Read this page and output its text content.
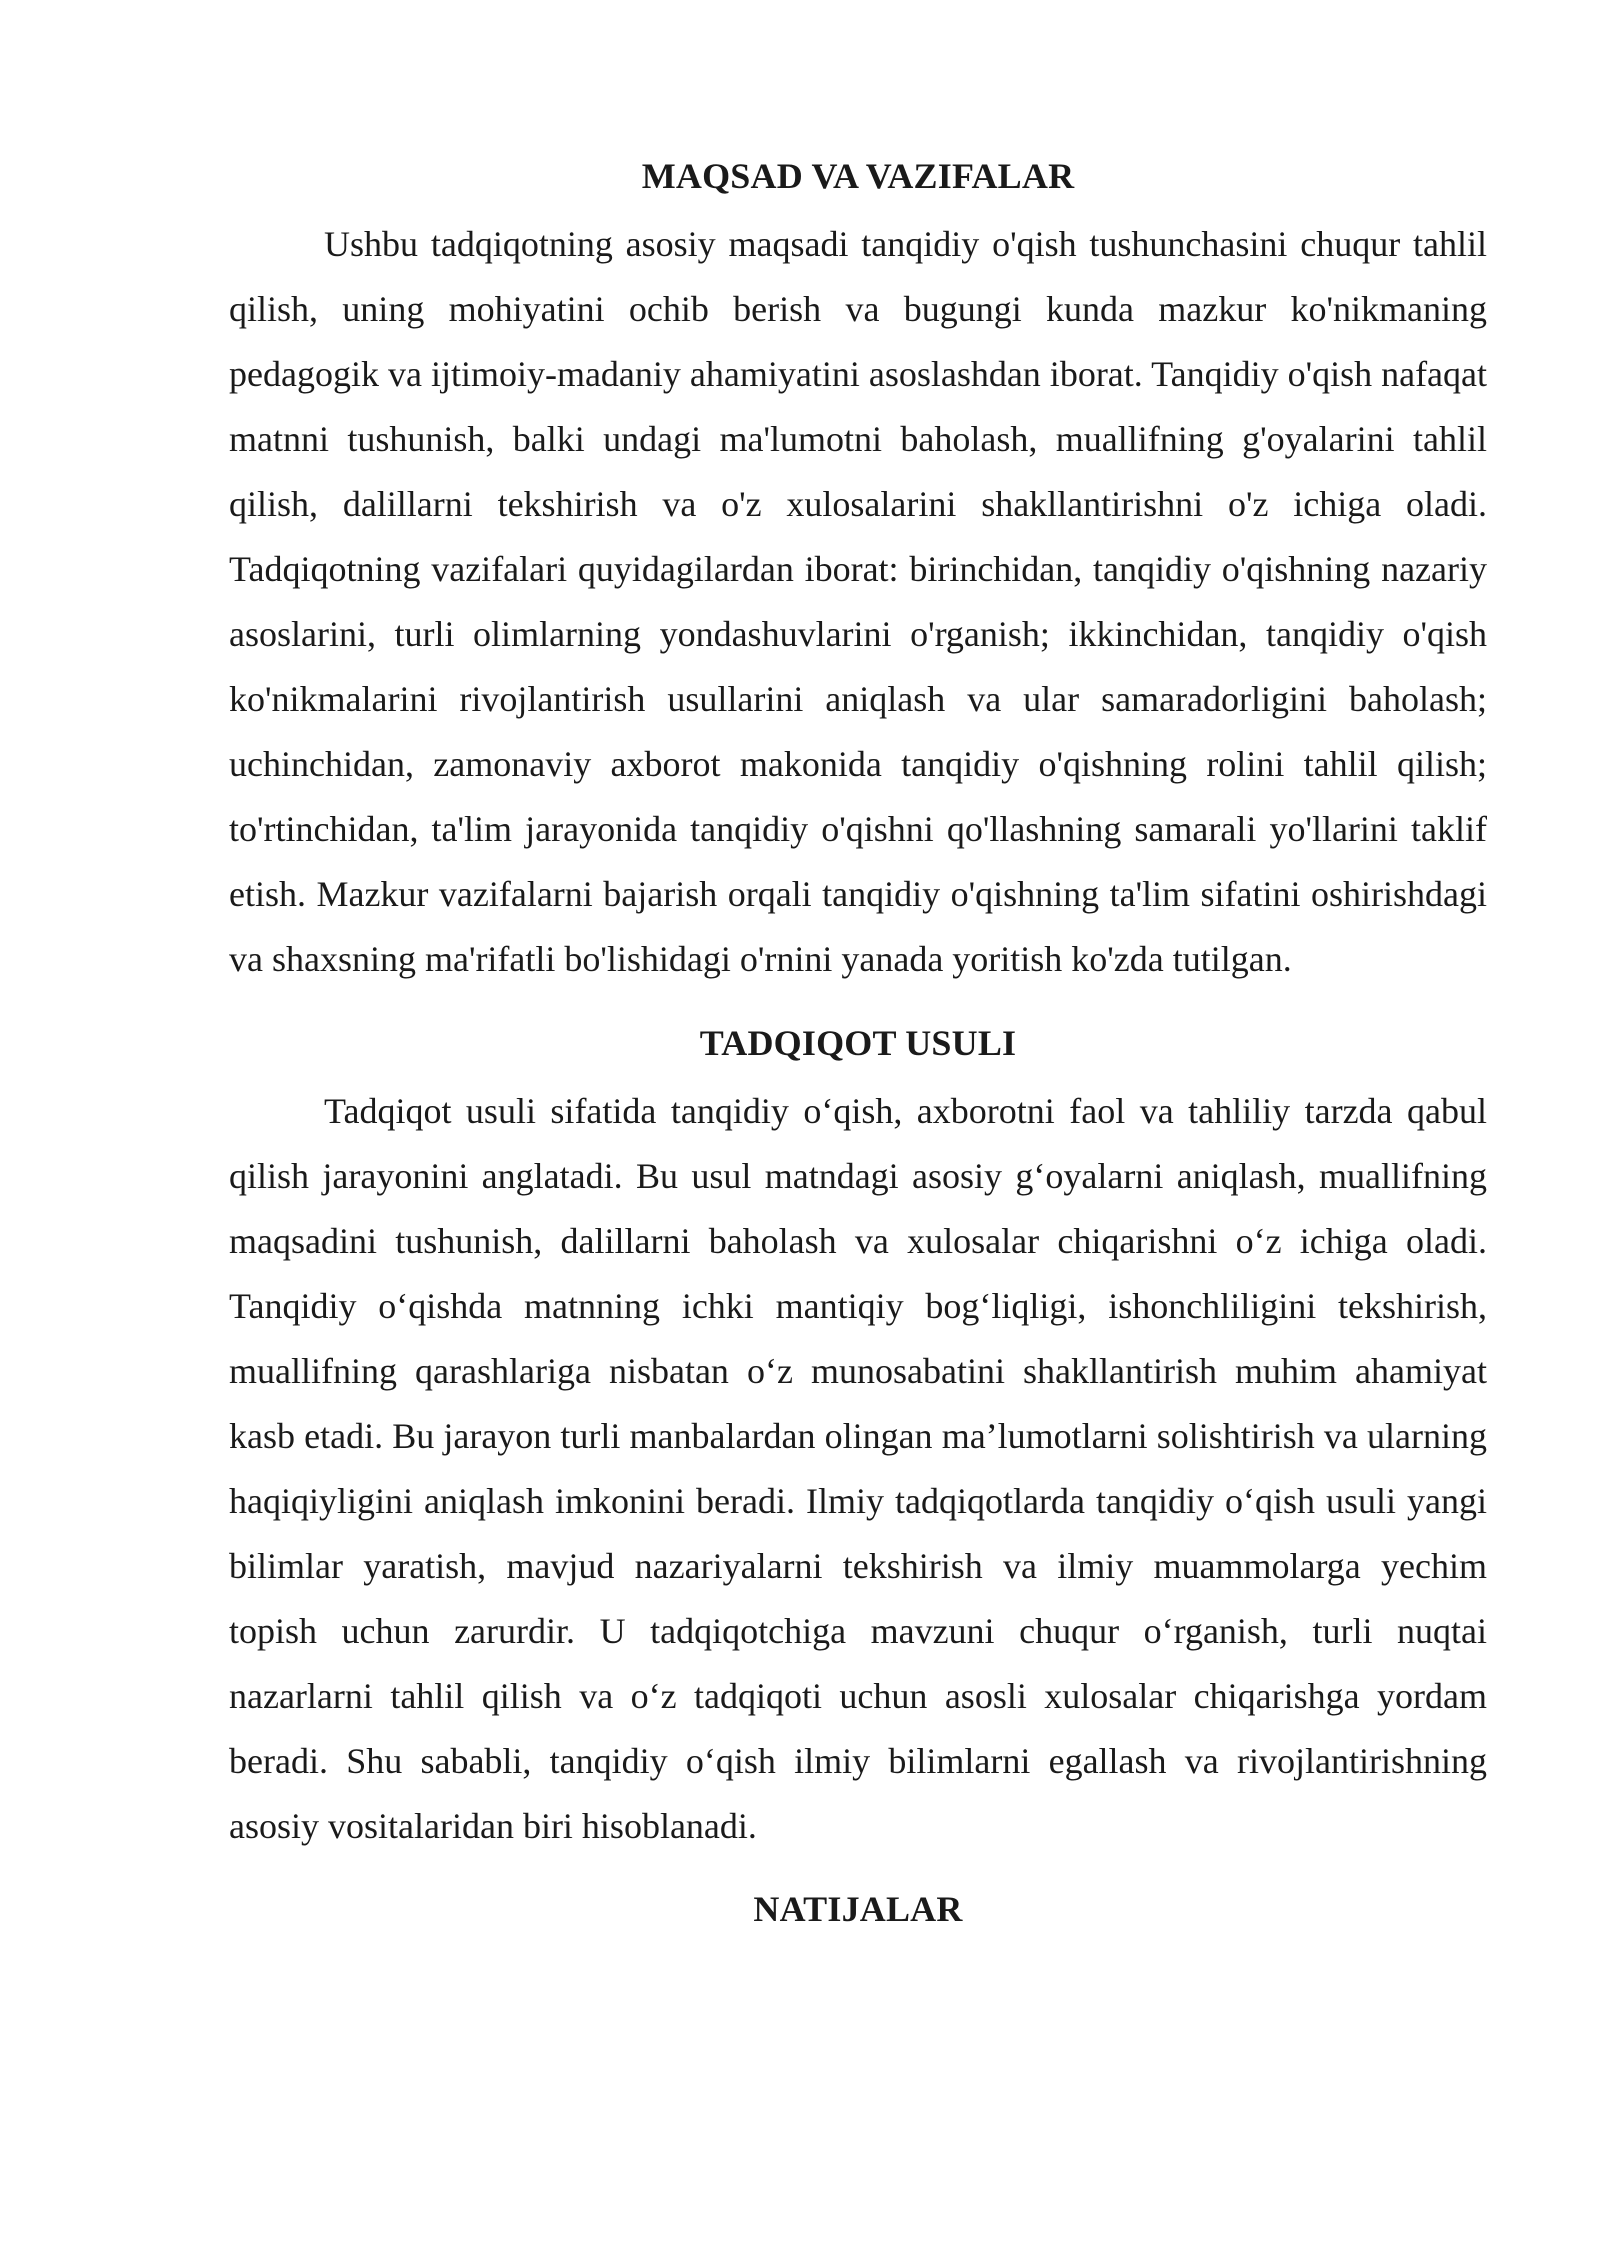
MAQSAD VA VAZIFALAR

Ushbu tadqiqotning asosiy maqsadi tanqidiy o'qish tushunchasini chuqur tahlil qilish, uning mohiyatini ochib berish va bugungi kunda mazkur ko'nikmaning pedagogik va ijtimoiy-madaniy ahamiyatini asoslashdan iborat. Tanqidiy o'qish nafaqat matnni tushunish, balki undagi ma'lumotni baholash, muallifning g'oyalarini tahlil qilish, dalillarni tekshirish va o'z xulosalarini shakllantirishni o'z ichiga oladi. Tadqiqotning vazifalari quyidagilardan iborat: birinchidan, tanqidiy o'qishning nazariy asoslarini, turli olimlarning yondashuvlarini o'rganish; ikkinchidan, tanqidiy o'qish ko'nikmalarini rivojlantirish usullarini aniqlash va ular samaradorligini baholash; uchinchidan, zamonaviy axborot makonida tanqidiy o'qishning rolini tahlil qilish; to'rtinchidan, ta'lim jarayonida tanqidiy o'qishni qo'llashning samarali yo'llarini taklif etish. Mazkur vazifalarni bajarish orqali tanqidiy o'qishning ta'lim sifatini oshirishdagi va shaxsning ma'rifatli bo'lishidagi o'rnini yanada yoritish ko'zda tutilgan.

TADQIQOT USULI

Tadqiqot usuli sifatida tanqidiy o‘qish, axborotni faol va tahliliy tarzda qabul qilish jarayonini anglatadi. Bu usul matndagi asosiy g‘oyalarni aniqlash, muallifning maqsadini tushunish, dalillarni baholash va xulosalar chiqarishni o‘z ichiga oladi. Tanqidiy o‘qishda matnning ichki mantiqiy bog‘liqligi, ishonchliligini tekshirish, muallifning qarashlariga nisbatan o‘z munosabatini shakllantirish muhim ahamiyat kasb etadi. Bu jarayon turli manbalardan olingan ma’lumotlarni solishtirish va ularning haqiqiyligini aniqlash imkonini beradi. Ilmiy tadqiqotlarda tanqidiy o‘qish usuli yangi bilimlar yaratish, mavjud nazariyalarni tekshirish va ilmiy muammolarga yechim topish uchun zarurdir. U tadqiqotchiga mavzuni chuqur o‘rganish, turli nuqtai nazarlarni tahlil qilish va o‘z tadqiqoti uchun asosli xulosalar chiqarishga yordam beradi. Shu sababli, tanqidiy o‘qish ilmiy bilimlarni egallash va rivojlantirishning asosiy vositalaridan biri hisoblanadi.

NATIJALAR
